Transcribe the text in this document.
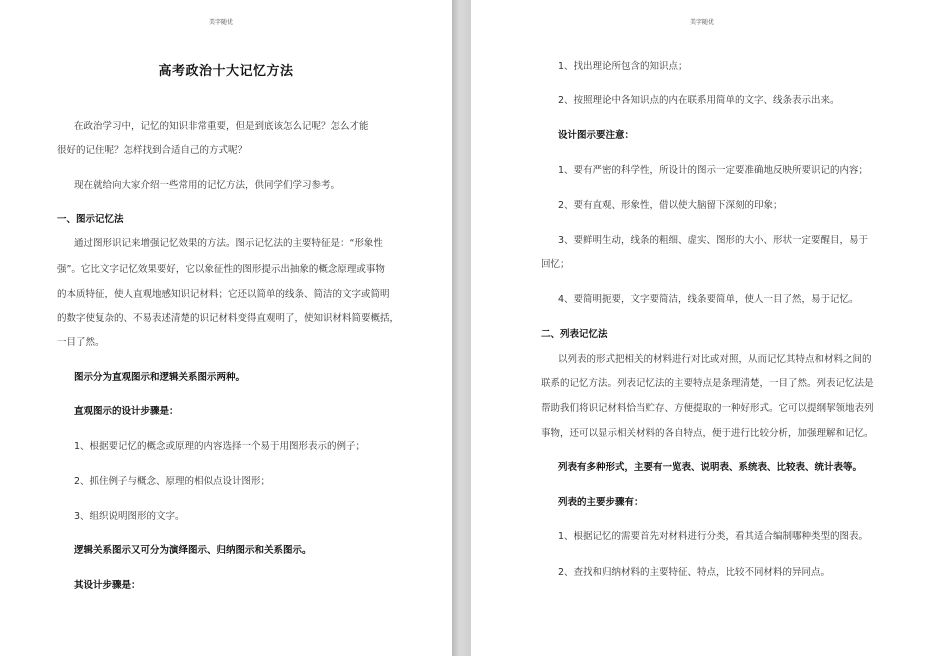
美字随优
高考政治十大记忆方法
在政治学习中，记忆的知识非常重要，但是到底该怎么记呢？怎么才能
很好的记住呢？怎样找到合适自己的方式呢？
现在就给向大家介绍一些常用的记忆方法，供同学们学习参考。
一、图示记忆法
通过图形识记来增强记忆效果的方法。图示记忆法的主要特征是：“形象性
强”。它比文字记忆效果要好，它以象征性的图形提示出抽象的概念原理或事物
的本质特征，使人直观地感知识记材料；它还以简单的线条、简洁的文字或简明
的数字使复杂的、不易表述清楚的识记材料变得直观明了，使知识材料简要概括，
一目了然。
图示分为直观图示和逻辑关系图示两种。
直观图示的设计步骤是：
1、根据要记忆的概念或原理的内容选择一个易于用图形表示的例子；
2、抓住例子与概念、原理的相似点设计图形；
3、组织说明图形的文字。
逻辑关系图示又可分为演绎图示、归纳图示和关系图示。
其设计步骤是：
美字随优
1、找出理论所包含的知识点；
2、按照理论中各知识点的内在联系用简单的文字、线条表示出来。
设计图示要注意：
1、要有严密的科学性，所设计的图示一定要准确地反映所要识记的内容；
2、要有直观、形象性，借以使大脑留下深刻的印象；
3、要鲜明生动，线条的粗细、虚实、图形的大小、形状一定要醒目，易于
回忆；
4、要简明扼要，文字要简洁，线条要简单，使人一目了然，易于记忆。
二、列表记忆法
以列表的形式把相关的材料进行对比或对照，从而记忆其特点和材料之间的
联系的记忆方法。列表记忆法的主要特点是条理清楚，一目了然。列表记忆法是
帮助我们将识记材料恰当贮存、方便提取的一种好形式。它可以提纲挈领地表列
事物，还可以显示相关材料的各自特点，便于进行比较分析，加强理解和记忆。
列表有多种形式，主要有一览表、说明表、系统表、比较表、统计表等。
列表的主要步骤有：
1、根据记忆的需要首先对材料进行分类，看其适合编制哪种类型的图表。
2、查找和归纳材料的主要特征、特点，比较不同材料的异同点。
